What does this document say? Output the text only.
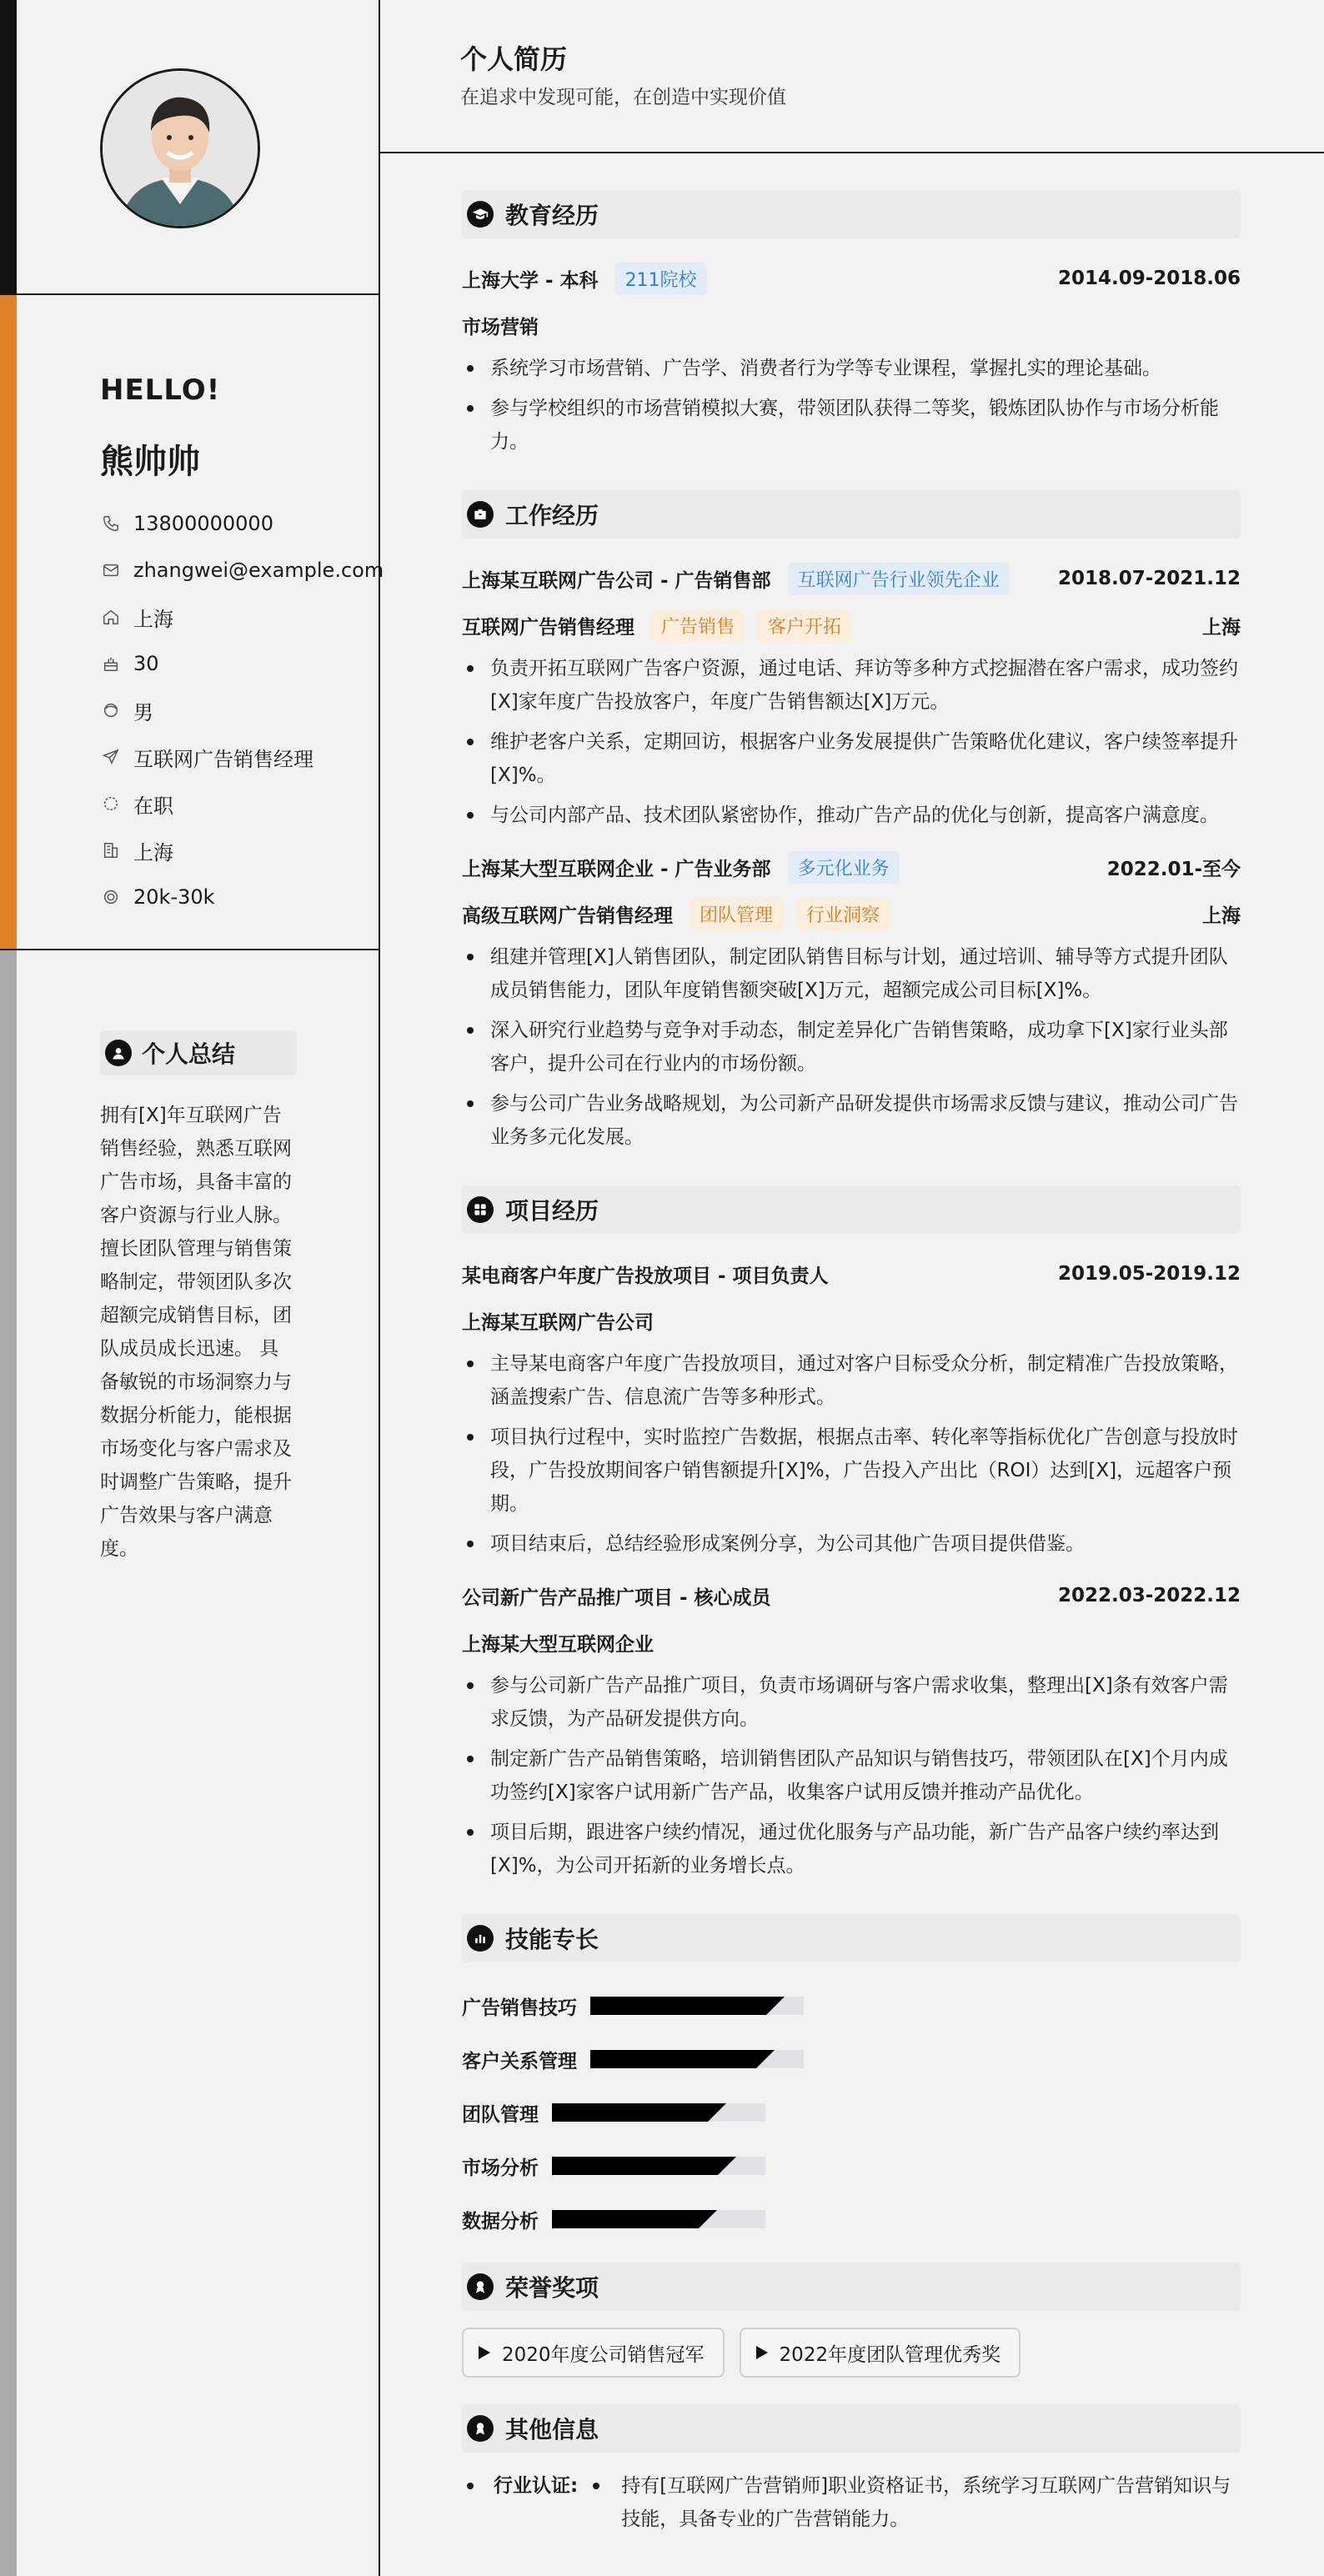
HELLO!
熊帅帅
13800000000
zhangwei@example.com
上海
30
男
互联网广告销售经理
在职
上海
20k-30k
个人总结
拥有[X]年互联网广告销售经验，熟悉互联网广告市场，具备丰富的客户资源与行业人脉。 擅长团队管理与销售策略制定，带领团队多次超额完成销售目标，团队成员成长迅速。 具备敏锐的市场洞察力与数据分析能力，能根据市场变化与客户需求及时调整广告策略，提升广告效果与客户满意度。
个人简历
在追求中发现可能，在创造中实现价值
教育经历
上海大学 - 本科	211院校	2014.09-2018.06
市场营销
系统学习市场营销、广告学、消费者行为学等专业课程，掌握扎实的理论基础。
参与学校组织的市场营销模拟大赛，带领团队获得二等奖，锻炼团队协作与市场分析能力。
工作经历
上海某互联网广告公司 - 广告销售部	互联网广告行业领先企业	2018.07-2021.12
互联网广告销售经理	广告销售	客户开拓	上海
负责开拓互联网广告客户资源，通过电话、拜访等多种方式挖掘潜在客户需求，成功签约[X]家年度广告投放客户，年度广告销售额达[X]万元。
维护老客户关系，定期回访，根据客户业务发展提供广告策略优化建议，客户续签率提升[X]%。
与公司内部产品、技术团队紧密协作，推动广告产品的优化与创新，提高客户满意度。
上海某大型互联网企业 - 广告业务部	多元化业务	2022.01-至今
高级互联网广告销售经理	团队管理	行业洞察	上海
组建并管理[X]人销售团队，制定团队销售目标与计划，通过培训、辅导等方式提升团队成员销售能力，团队年度销售额突破[X]万元，超额完成公司目标[X]%。
深入研究行业趋势与竞争对手动态，制定差异化广告销售策略，成功拿下[X]家行业头部客户，提升公司在行业内的市场份额。
参与公司广告业务战略规划，为公司新产品研发提供市场需求反馈与建议，推动公司广告业务多元化发展。
项目经历
某电商客户年度广告投放项目 - 项目负责人	2019.05-2019.12
上海某互联网广告公司
主导某电商客户年度广告投放项目，通过对客户目标受众分析，制定精准广告投放策略，涵盖搜索广告、信息流广告等多种形式。
项目执行过程中，实时监控广告数据，根据点击率、转化率等指标优化广告创意与投放时段，广告投放期间客户销售额提升[X]%，广告投入产出比（ROI）达到[X]，远超客户预期。
项目结束后，总结经验形成案例分享，为公司其他广告项目提供借鉴。
公司新广告产品推广项目 - 核心成员	2022.03-2022.12
上海某大型互联网企业
参与公司新广告产品推广项目，负责市场调研与客户需求收集，整理出[X]条有效客户需求反馈，为产品研发提供方向。
制定新广告产品销售策略，培训销售团队产品知识与销售技巧，带领团队在[X]个月内成功签约[X]家客户试用新广告产品，收集客户试用反馈并推动产品优化。
项目后期，跟进客户续约情况，通过优化服务与产品功能，新广告产品客户续约率达到[X]%，为公司开拓新的业务增长点。
技能专长
广告销售技巧
客户关系管理
团队管理
市场分析
数据分析
荣誉奖项
2020年度公司销售冠军	2022年度团队管理优秀奖
其他信息
行业认证: 持有[互联网广告营销师]职业资格证书，系统学习互联网广告营销知识与技能，具备专业的广告营销能力。
